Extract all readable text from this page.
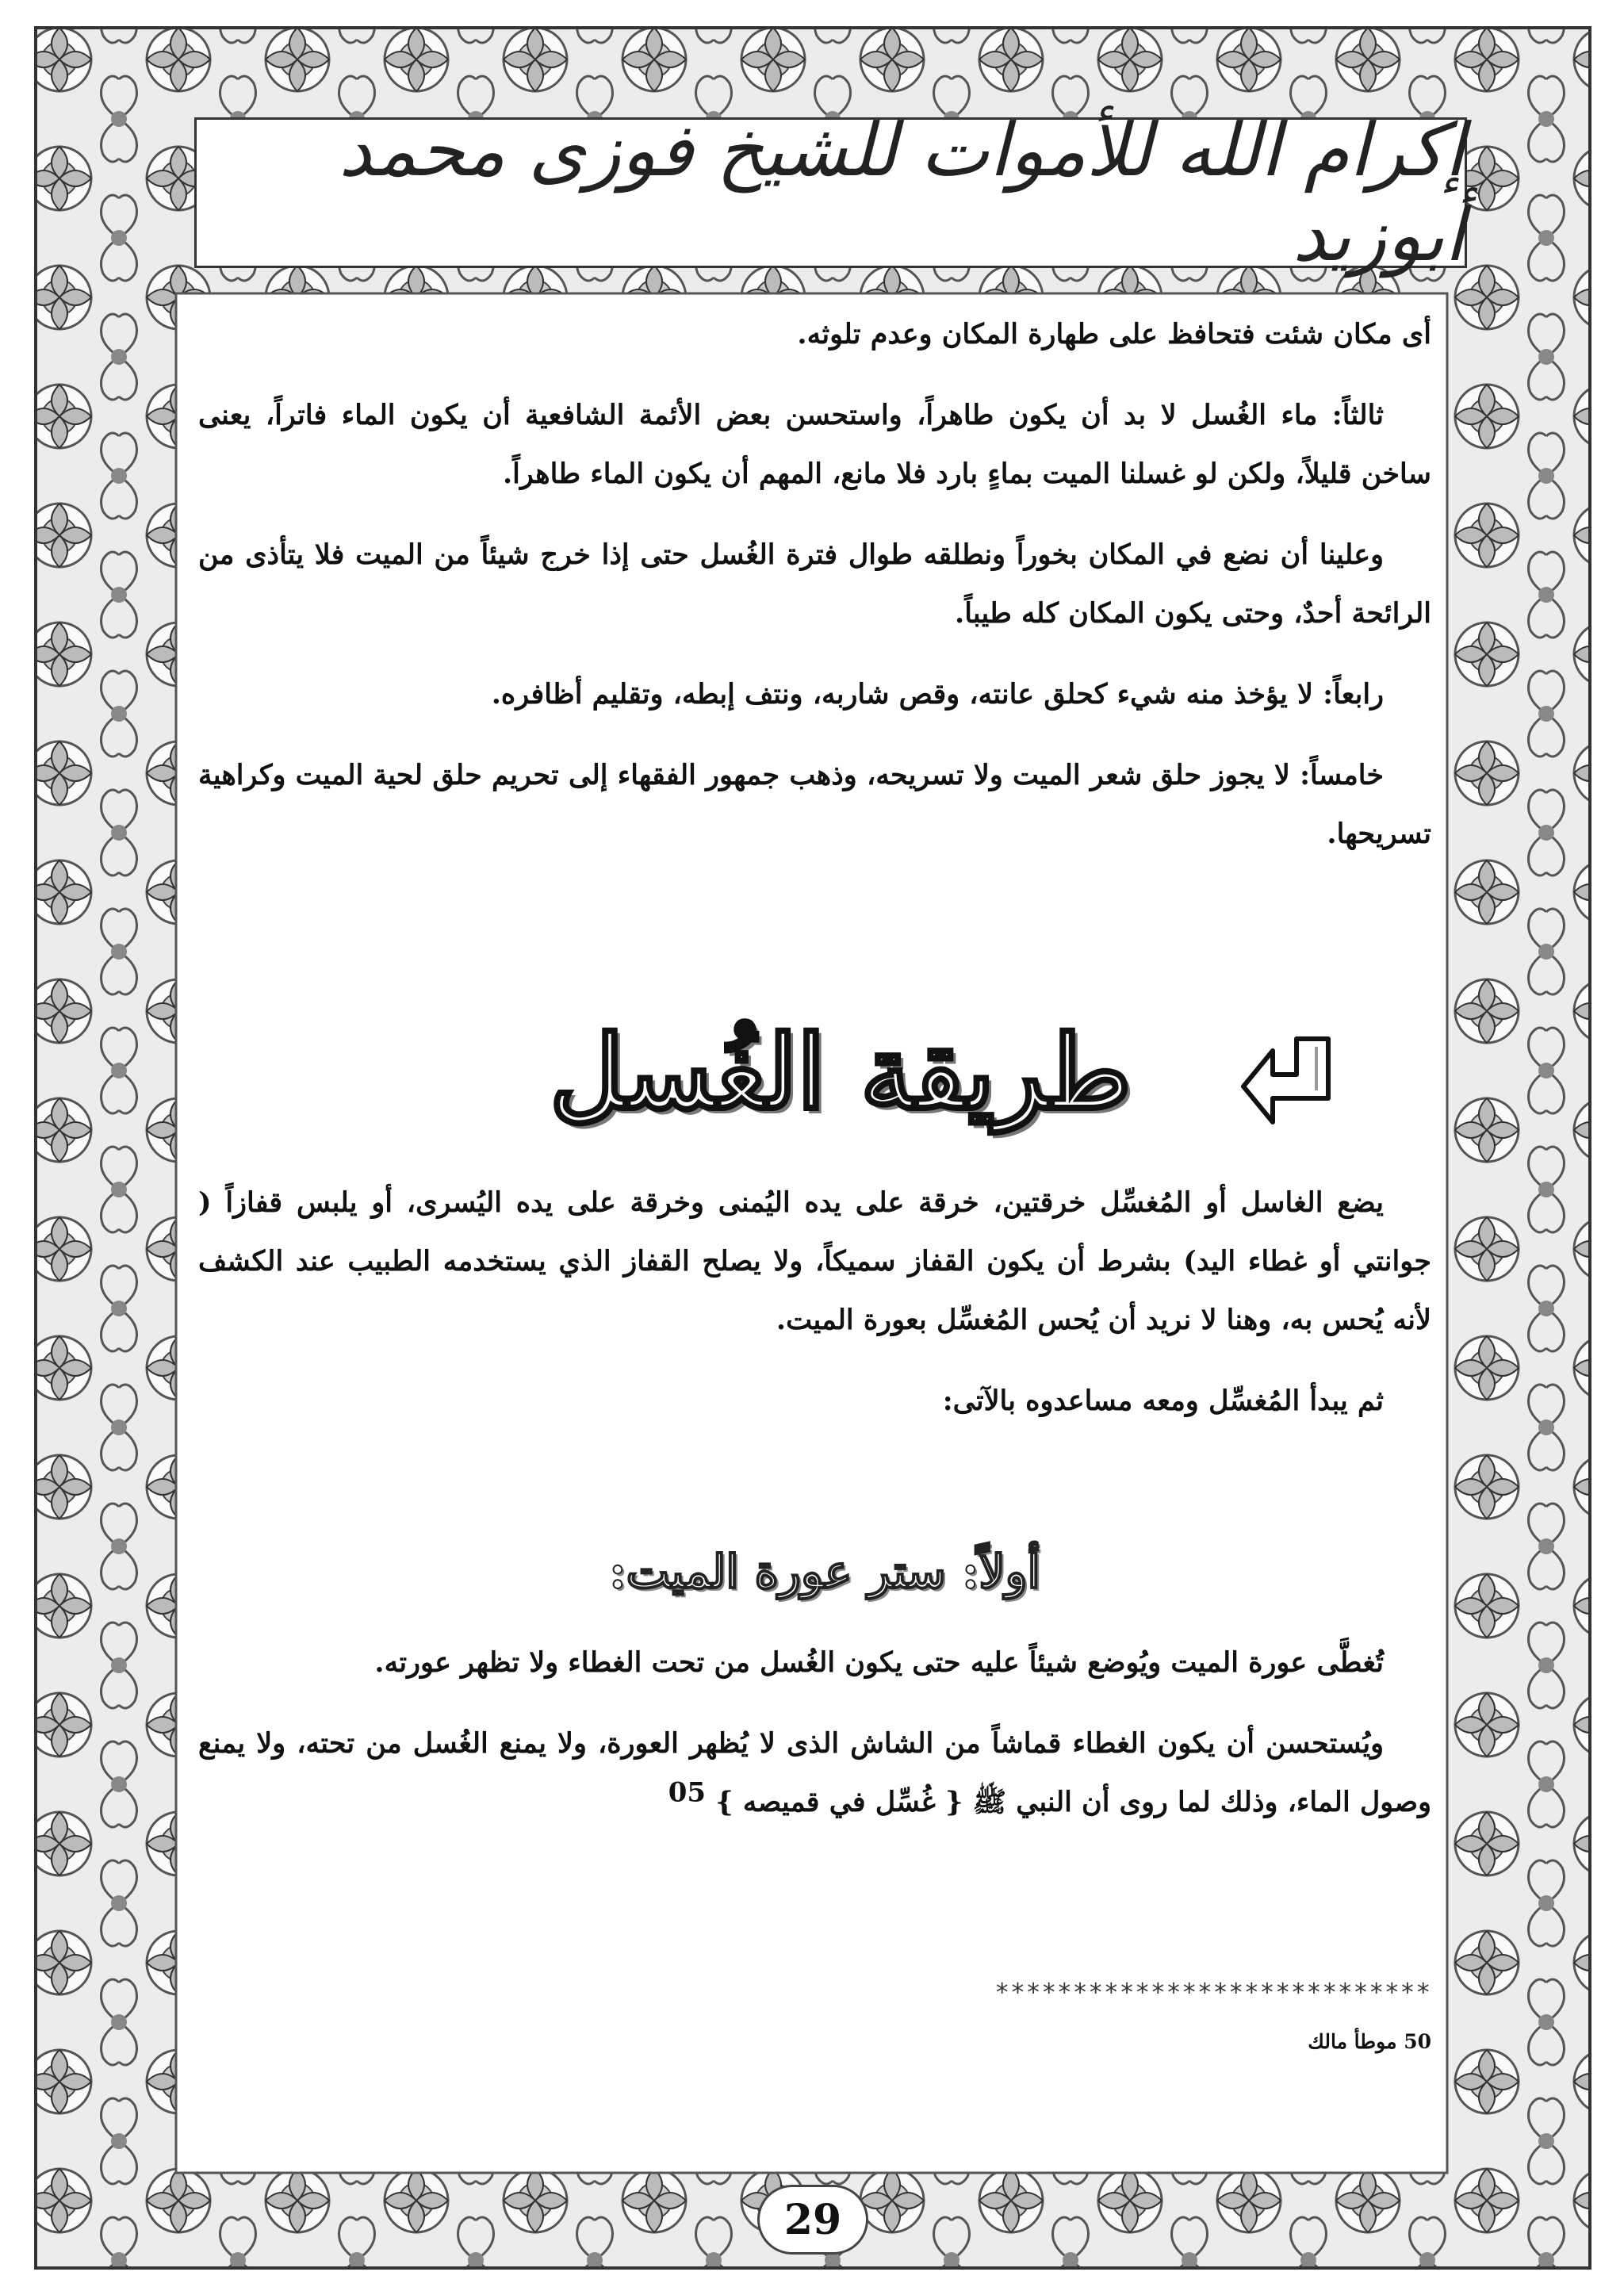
إكرام الله للأموات للشيخ فوزى محمد أبوزيد

أى مكان شئت فتحافظ على طهارة المكان وعدم تلوثه.

ثالثاً: ماء الغُسل لا بد أن يكون طاهراً، واستحسن بعض الأئمة الشافعية أن يكون الماء فاتراً، يعنى ساخن قليلاً، ولكن لو غسلنا الميت بماءٍ بارد فلا مانع، المهم أن يكون الماء طاهراً.

وعلينا أن نضع في المكان بخوراً ونطلقه طوال فترة الغُسل حتى إذا خرج شيئاً من الميت فلا يتأذى من الرائحة أحدٌ، وحتى يكون المكان كله طيباً.

رابعاً: لا يؤخذ منه شيء كحلق عانته، وقص شاربه، ونتف إبطه، وتقليم أظافره.

خامساً: لا يجوز حلق شعر الميت ولا تسريحه، وذهب جمهور الفقهاء إلى تحريم حلق لحية الميت وكراهية تسريحها.

طريقة الغُسل

يضع الغاسل أو المُغسِّل خرقتين، خرقة على يده اليُمنى وخرقة على يده اليُسرى، أو يلبس قفازاً ( جوانتي أو غطاء اليد) بشرط أن يكون القفاز سميكاً، ولا يصلح القفاز الذي يستخدمه الطبيب عند الكشف لأنه يُحس به، وهنا لا نريد أن يُحس المُغسِّل بعورة الميت.

ثم يبدأ المُغسِّل ومعه مساعدوه بالآتى:

أولاً: ستر عورة الميت:

تُغطَّى عورة الميت ويُوضع شيئاً عليه حتى يكون الغُسل من تحت الغطاء ولا تظهر عورته.

ويُستحسن أن يكون الغطاء قماشاً من الشاش الذى لا يُظهر العورة، ولا يمنع الغُسل من تحته، ولا يمنع وصول الماء، وذلك لما روى أن النبي ﷺ { غُسِّل في قميصه } 05

****************************
50 موطأ مالك
29
